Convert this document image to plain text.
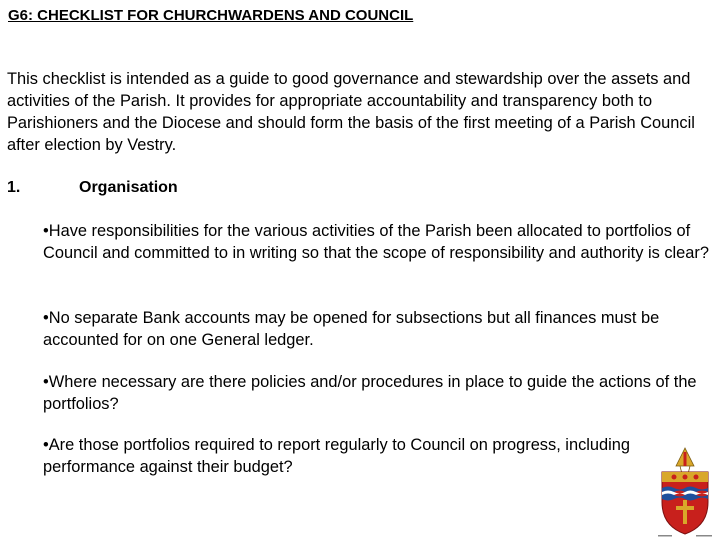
G6: CHECKLIST FOR CHURCHWARDENS AND COUNCIL

This checklist is intended as a guide to good governance and stewardship over the assets and activities of the Parish. It provides for appropriate accountability and transparency both to Parishioners and the Diocese and should form the basis of the first meeting of a Parish Council after election by Vestry.

1.	Organisation

•Have responsibilities for the various activities of the Parish been allocated to portfolios of Council and committed to in writing so that the scope of responsibility and authority is clear?

•No separate Bank accounts may be opened for subsections but all finances must be accounted for on one General ledger.

•Where necessary are there policies and/or procedures in place to guide the actions of the portfolios?

•Are those portfolios required to report regularly to Council on progress, including performance against their budget?
